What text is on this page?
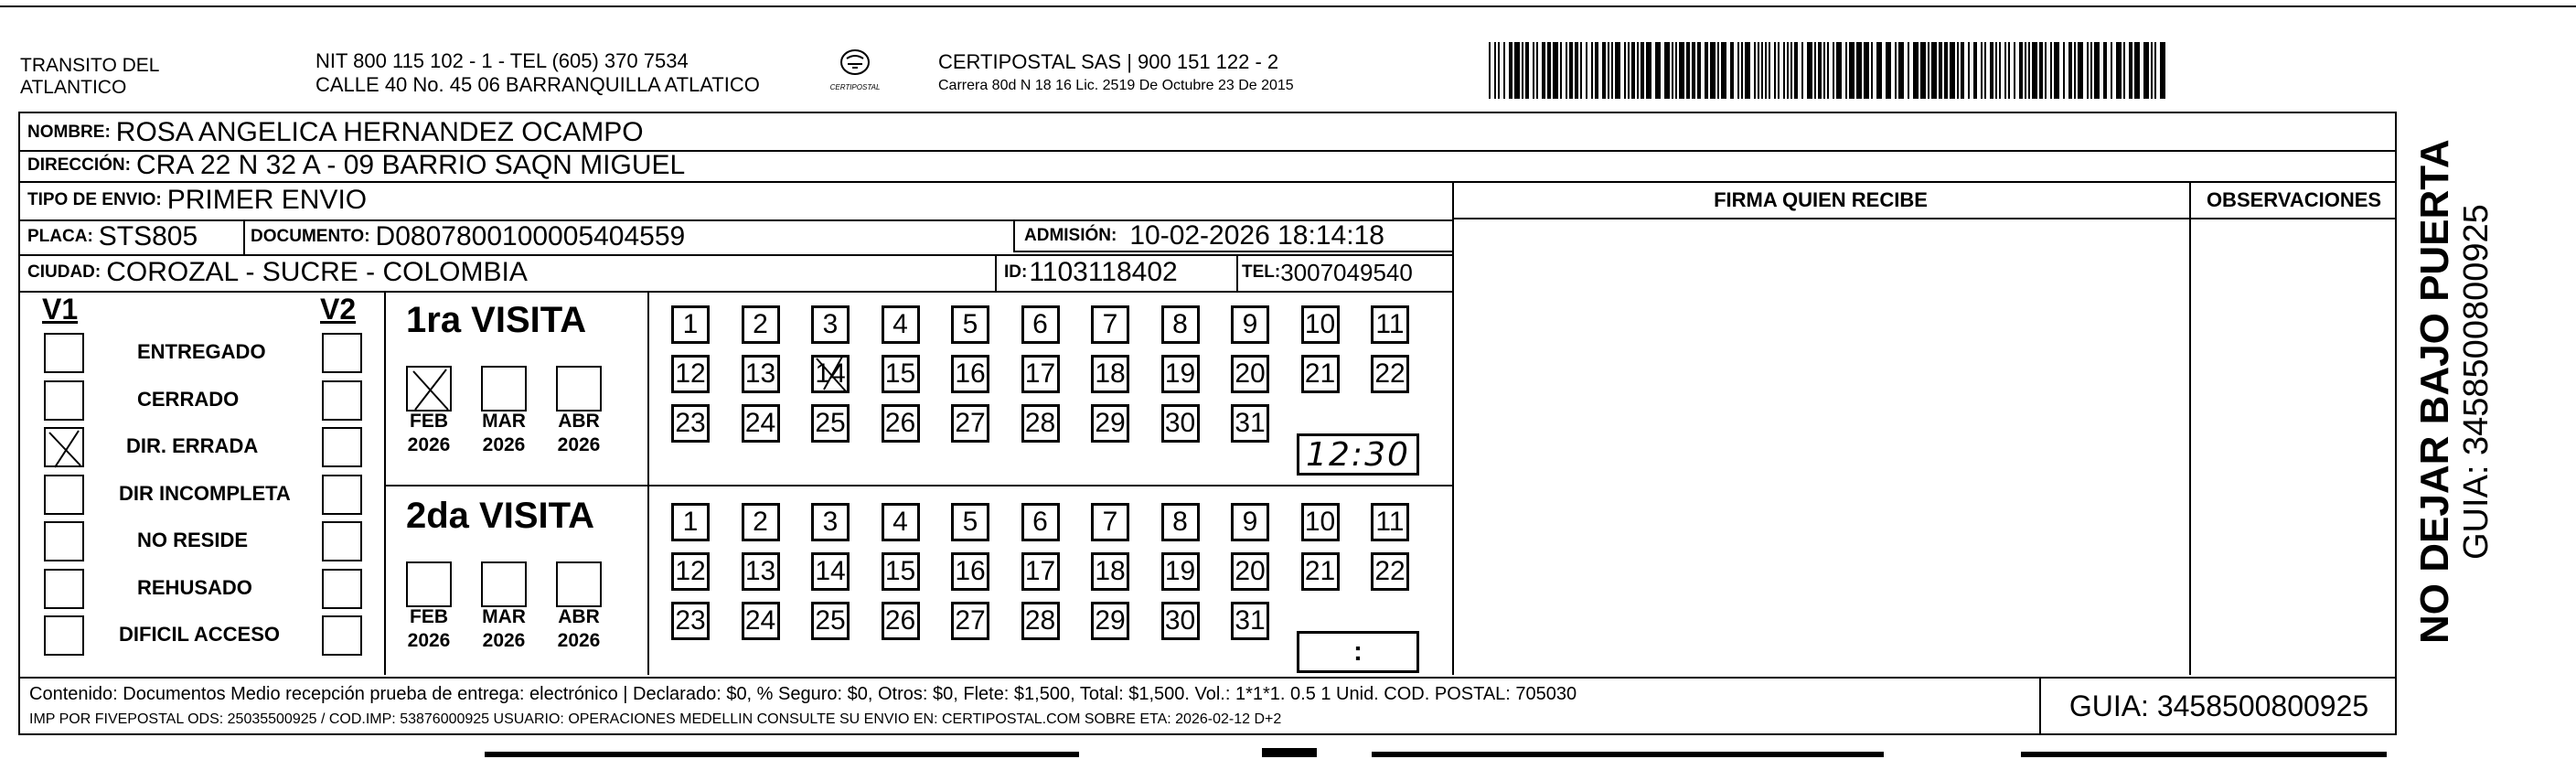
TRANSITO DEL
ATLANTICO
NIT 800 115 102 - 1 - TEL (605) 370 7534
CALLE 40 No. 45 06 BARRANQUILLA ATLATICO	CERTIPOSTAL
CERTIPOSTAL SAS | 900 151 122 - 2
Carrera 80d N 18 16 Lic. 2519 De Octubre 23 De 2015
NOMBRE: ROSA ANGELICA HERNANDEZ OCAMPO
DIRECCIÓN: CRA 22 N 32 A - 09 BARRIO SAQN MIGUEL
TIPO DE ENVIO: PRIMER ENVIO
PLACA: STS805	DOCUMENTO: D0807800100005404559	ADMISIÓN: 10-02-2026 18:14:18
CIUDAD: COROZAL - SUCRE - COLOMBIA	ID: 1103118402	TEL: 3007049540
FIRMA QUIEN RECIBE	OBSERVACIONES
V1	V2
ENTREGADO
CERRADO
DIR. ERRADA
DIR INCOMPLETA
NO RESIDE
REHUSADO
DIFICIL ACCESO
1ra VISITA
2da VISITA
FEB
2026
MAR
2026
ABR
2026
FEB
2026
MAR
2026
ABR
2026
1 2 3 4 5 6 7 8 9 10 11
12 13 14 15 16 17 18 19 20 21 22
23 24 25 26 27 28 29 30 31
1 2 3 4 5 6 7 8 9 10 11
12 13 14 15 16 17 18 19 20 21 22
23 24 25 26 27 28 29 30 31
12:30
:
Contenido: Documentos Medio recepción prueba de entrega: electrónico | Declarado: $0, % Seguro: $0, Otros: $0, Flete: $1,500, Total: $1,500. Vol.: 1*1*1. 0.5 1 Unid. COD. POSTAL: 705030
IMP POR FIVEPOSTAL ODS: 25035500925 / COD.IMP: 53876000925 USUARIO: OPERACIONES MEDELLIN CONSULTE SU ENVIO EN: CERTIPOSTAL.COM SOBRE ETA: 2026-02-12 D+2	GUIA: 3458500800925
NO DEJAR BAJO PUERTA GUIA: 3458500800925
